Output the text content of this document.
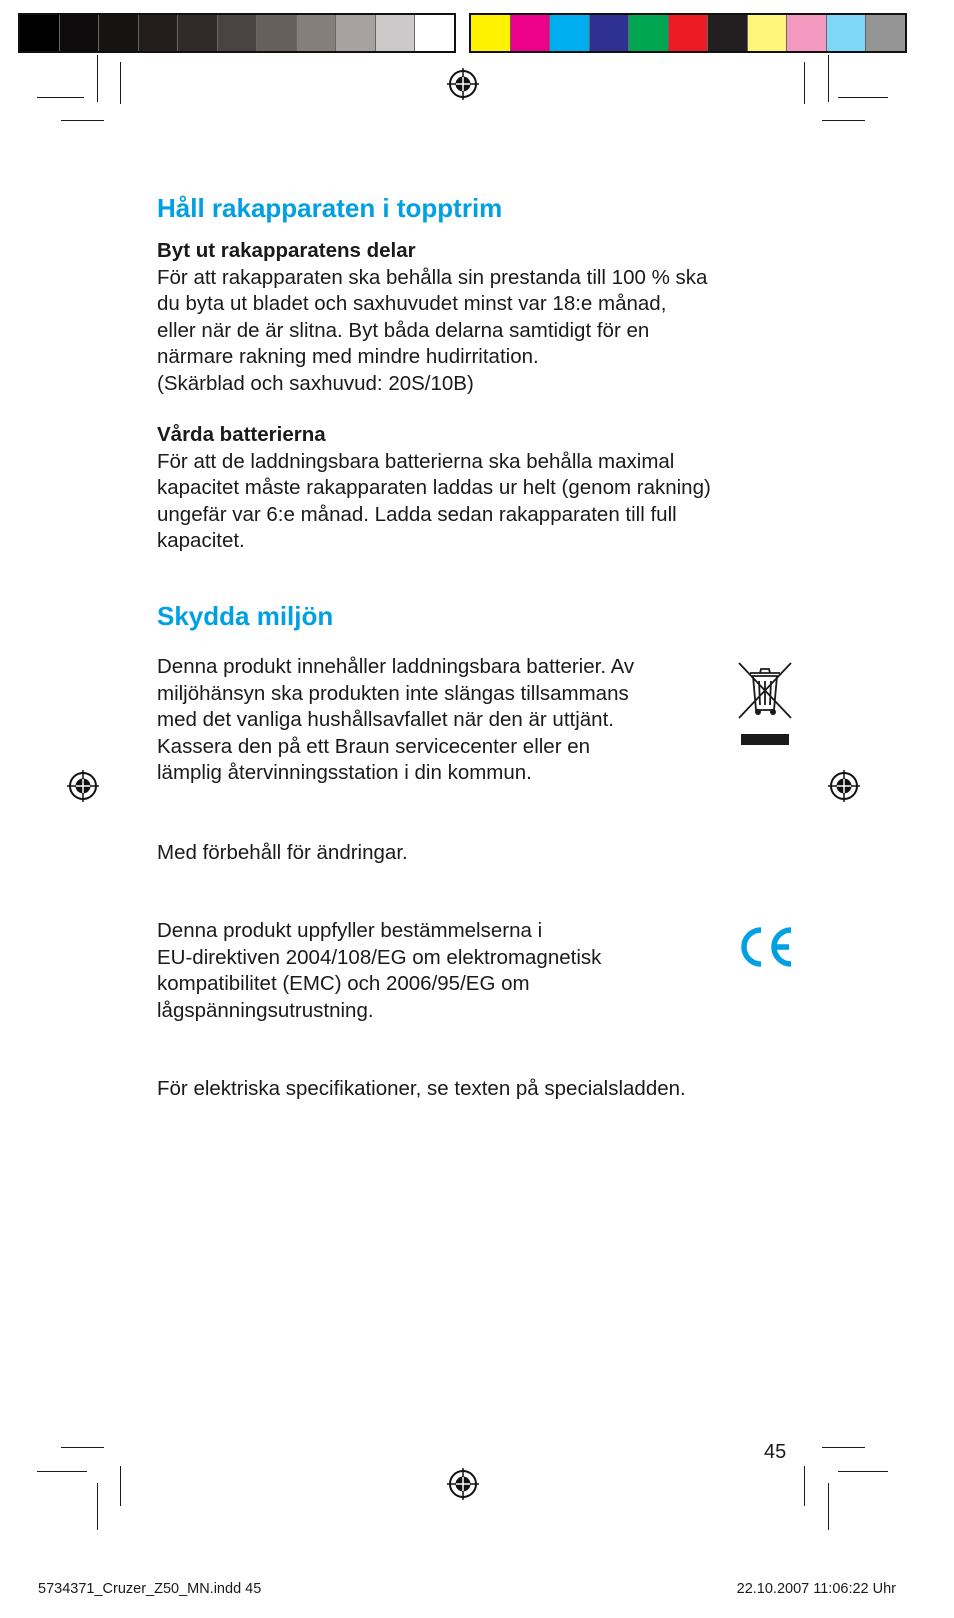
Håll rakapparaten i topptrim
Byt ut rakapparatens delar
För att rakapparaten ska behålla sin prestanda till 100 % ska
du byta ut bladet och saxhuvudet minst var 18:e månad,
eller när de är slitna. Byt båda delarna samtidigt för en
närmare rakning med mindre hudirritation.
(Skärblad och saxhuvud: 20S/10B)
Vårda batterierna
För att de laddningsbara batterierna ska behålla maximal
kapacitet måste rakapparaten laddas ur helt (genom rakning)
ungefär var 6:e månad. Ladda sedan rakapparaten till full
kapacitet.
Skydda miljön
Denna produkt innehåller laddningsbara batterier. Av
miljöhänsyn ska produkten inte slängas tillsammans
med det vanliga hushållsavfallet när den är uttjänt.
Kassera den på ett Braun servicecenter eller en
lämplig återvinningsstation i din kommun.

Med förbehåll för ändringar.

Denna produkt uppfyller bestämmelserna i
EU-direktiven 2004/108/EG om elektromagnetisk
kompatibilitet (EMC) och 2006/95/EG om
lågspänningsutrustning.

För elektriska specifikationer, se texten på specialsladden.

45
5734371_Cruzer_Z50_MN.indd 45	22.10.2007 11:06:22 Uhr
